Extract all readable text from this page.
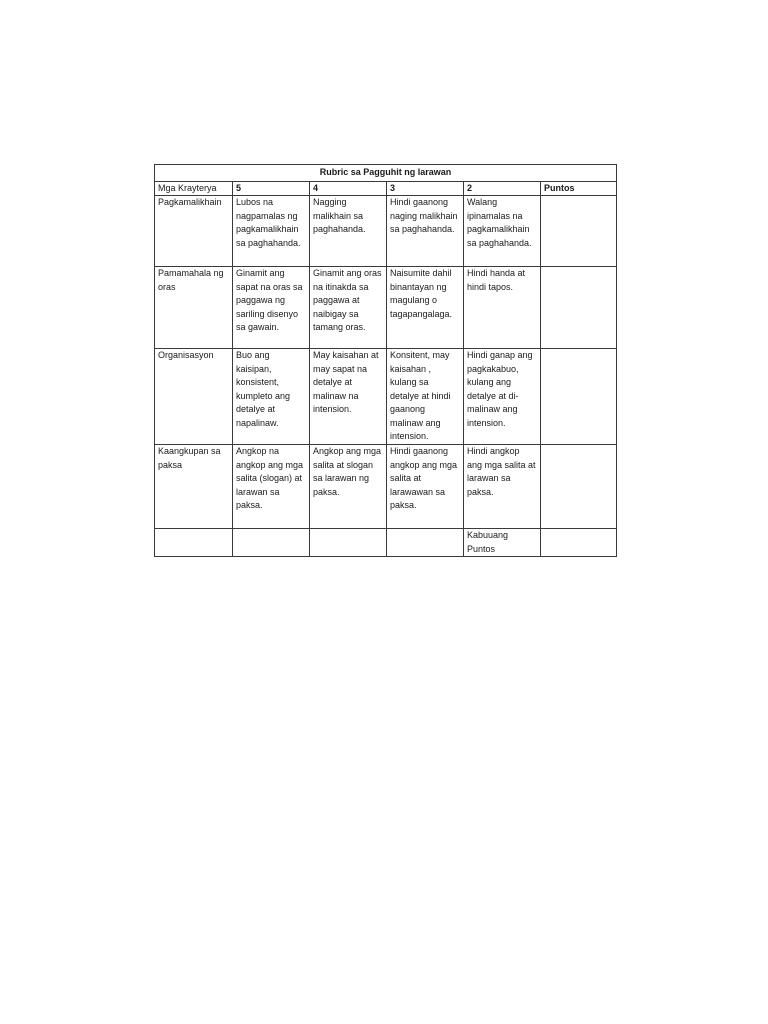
Rubric sa Pagguhit ng larawan					
Mga Krayterya	5	4	3	2	Puntos
Pagkamalikhain	Lubos na nagpamalas ng pagkamalikhain sa paghahanda.	Nagging malikhain sa paghahanda.	Hindi gaanong naging malikhain sa paghahanda.	Walang ipinamalas na pagkamalikhain sa paghahanda.	
Pamamahala ng oras	Ginamit ang sapat na oras sa paggawa ng sariling disenyo sa gawain.	Ginamit ang oras na itinakda sa paggawa at naibigay sa tamang oras.	Naisumite dahil binantayan ng magulang o tagapangalaga.	Hindi handa at hindi tapos.	
Organisasyon	Buo ang kaisipan, konsistent, kumpleto ang detalye at napalinaw.	May kaisahan at may sapat na detalye at malinaw na intension.	Konsitent, may kaisahan , kulang sa detalye at hindi gaanong malinaw ang intension.	Hindi ganap ang pagkakabuo, kulang ang detalye at di-malinaw ang intension.	
Kaangkupan sa paksa	Angkop na angkop ang mga salita (slogan) at larawan sa paksa.	Angkop ang mga salita at slogan sa larawan ng paksa.	Hindi gaanong angkop ang mga salita at larawawan sa paksa.	Hindi angkop ang mga salita at larawan sa paksa.	
				Kabuuang Puntos	
